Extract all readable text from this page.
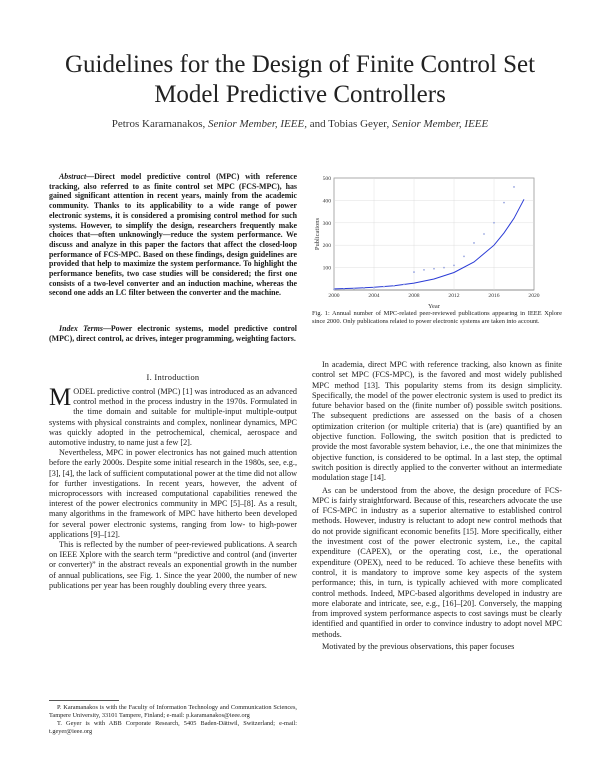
Guidelines for the Design of Finite Control Set Model Predictive Controllers
Petros Karamanakos, Senior Member, IEEE, and Tobias Geyer, Senior Member, IEEE
Abstract—Direct model predictive control (MPC) with reference tracking, also referred to as finite control set MPC (FCS-MPC), has gained significant attention in recent years, mainly from the academic community. Thanks to its applicability to a wide range of power electronic systems, it is considered a promising control method for such systems. However, to simplify the design, researchers frequently make choices that—often unknowingly—reduce the system performance. We discuss and analyze in this paper the factors that affect the closed-loop performance of FCS-MPC. Based on these findings, design guidelines are provided that help to maximize the system performance. To highlight the performance benefits, two case studies will be considered; the first one consists of a two-level converter and an induction machine, whereas the second one adds an LC filter between the converter and the machine.
Index Terms—Power electronic systems, model predictive control (MPC), direct control, ac drives, integer programming, weighting factors.
I. Introduction

MODEL predictive control (MPC) [1] was introduced as an advanced control method in the process industry in the 1970s. Formulated in the time domain and suitable for multiple-input multiple-output systems with physical constraints and complex, nonlinear dynamics, MPC was quickly adopted in the petrochemical, chemical, aerospace and automotive industry, to name just a few [2].

Nevertheless, MPC in power electronics has not gained much attention before the early 2000s. Despite some initial research in the 1980s, see, e.g., [3], [4], the lack of sufficient computational power at the time did not allow for further investigations. In recent years, however, the advent of microprocessors with increased computational capabilities renewed the interest of the power electronics community in MPC [5]–[8]. As a result, many algorithms in the framework of MPC have hitherto been developed for several power electronic systems, ranging from low- to high-power applications [9]–[12].

This is reflected by the number of peer-reviewed publications. A search on IEEE Xplore with the search term “predictive and control (and (inverter or converter)” in the abstract reveals an exponential growth in the number of annual publications, see Fig. 1. Since the year 2000, the number of new publications per year has been roughly doubling every three years.

P. Karamanakos is with the Faculty of Information Technology and Communication Sciences, Tampere University, 33101 Tampere, Finland; e-mail: p.karamanakos@ieee.org

T. Geyer is with ABB Corporate Research, 5405 Baden-Dättwil, Switzerland; e-mail: t.geyer@ieee.org

2000	2004	2008	2012	2016	2020
100
200
300
400
500
Year
Publications
Fig. 1: Annual number of MPC-related peer-reviewed publications appearing in IEEE Xplore since 2000. Only publications related to power electronic systems are taken into account.

In academia, direct MPC with reference tracking, also known as finite control set MPC (FCS-MPC), is the favored and most widely published MPC method [13]. This popularity stems from its design simplicity. Specifically, the model of the power electronic system is used to predict its future behavior based on the (finite number of) possible switch positions. The subsequent predictions are assessed on the basis of a chosen optimization criterion (or multiple criteria) that is (are) quantified by an objective function. Following, the switch position that is predicted to provide the most favorable system behavior, i.e., the one that minimizes the objective function, is considered to be optimal. In a last step, the optimal switch position is directly applied to the converter without an intermediate modulation stage [14].

As can be understood from the above, the design procedure of FCS-MPC is fairly straightforward. Because of this, researchers advocate the use of FCS-MPC in industry as a superior alternative to established control methods. However, industry is reluctant to adopt new control methods that do not provide significant economic benefits [15]. More specifically, either the investment cost of the power electronic system, i.e., the capital expenditure (CAPEX), or the operating cost, i.e., the operational expenditure (OPEX), need to be reduced. To achieve these benefits with control, it is mandatory to improve some key aspects of the system performance; this, in turn, is typically achieved with more complicated control methods. Indeed, MPC-based algorithms developed in industry are more elaborate and intricate, see, e.g., [16]–[20]. Conversely, the mapping from improved system performance aspects to cost savings must be clearly identified and quantified in order to convince industry to adopt novel MPC methods.

Motivated by the previous observations, this paper focuses
